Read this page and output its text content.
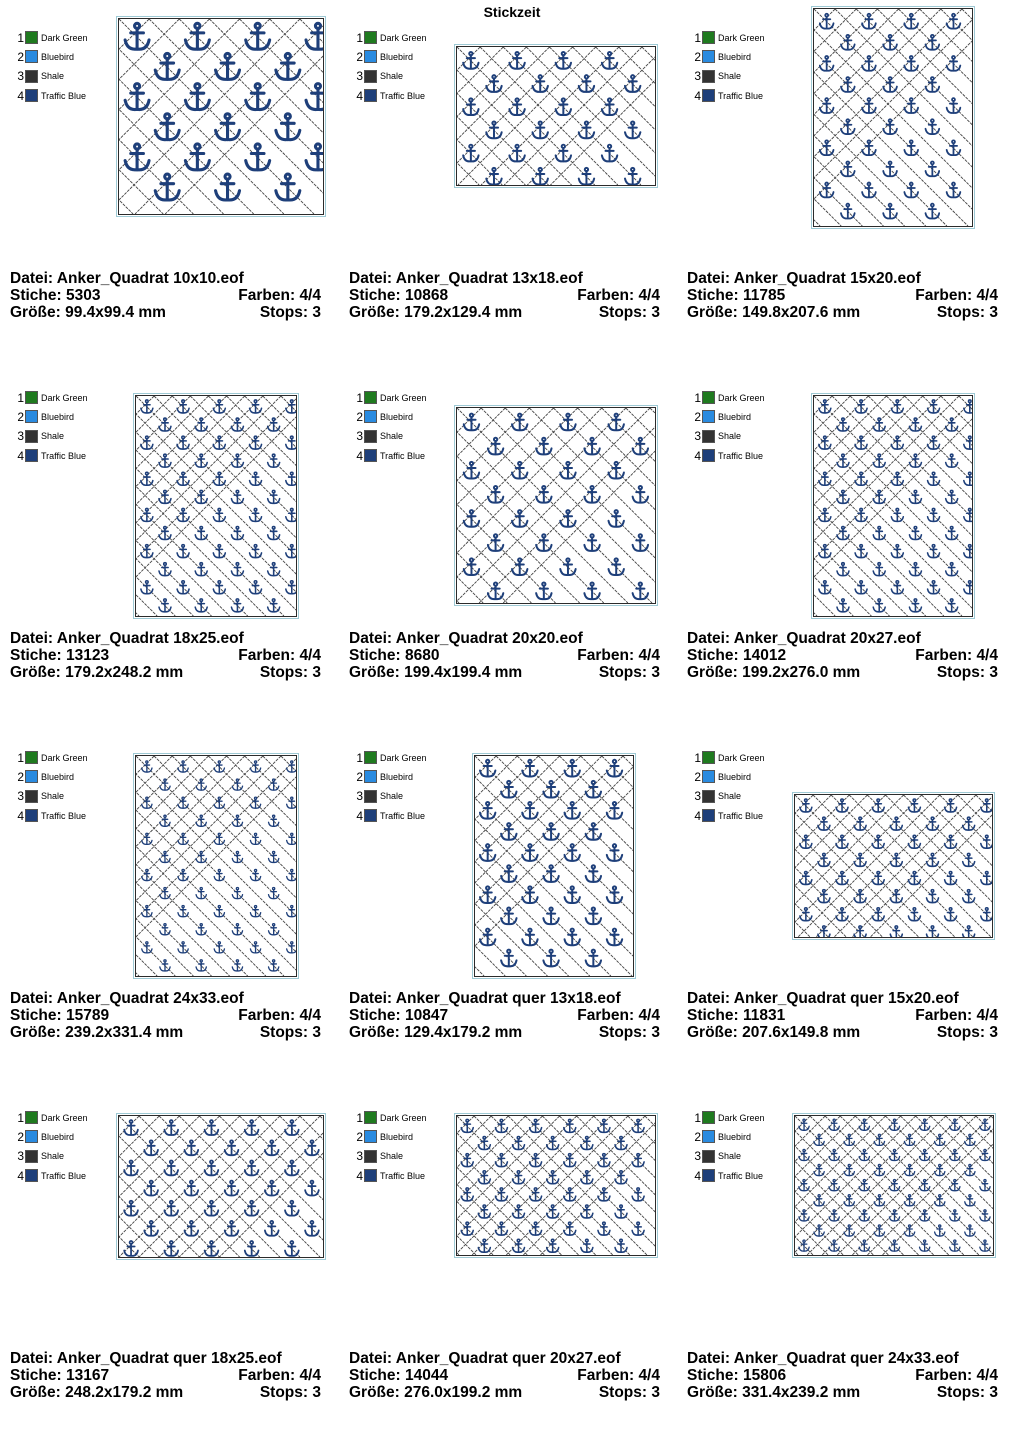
Stickzeit
1 Dark Green
2 Bluebird
3 Shale
4 Traffic Blue
Datei: Anker_Quadrat 10x10.eof
Stiche: 5303	Farben: 4/4
Größe: 99.4x99.4 mm	Stops: 3
1 Dark Green
2 Bluebird
3 Shale
4 Traffic Blue
Datei: Anker_Quadrat 13x18.eof
Stiche: 10868	Farben: 4/4
Größe: 179.2x129.4 mm	Stops: 3
1 Dark Green
2 Bluebird
3 Shale
4 Traffic Blue
Datei: Anker_Quadrat 15x20.eof
Stiche: 11785	Farben: 4/4
Größe: 149.8x207.6 mm	Stops: 3
1 Dark Green
2 Bluebird
3 Shale
4 Traffic Blue
Datei: Anker_Quadrat 18x25.eof
Stiche: 13123	Farben: 4/4
Größe: 179.2x248.2 mm	Stops: 3
1 Dark Green
2 Bluebird
3 Shale
4 Traffic Blue
Datei: Anker_Quadrat 20x20.eof
Stiche: 8680	Farben: 4/4
Größe: 199.4x199.4 mm	Stops: 3
1 Dark Green
2 Bluebird
3 Shale
4 Traffic Blue
Datei: Anker_Quadrat 20x27.eof
Stiche: 14012	Farben: 4/4
Größe: 199.2x276.0 mm	Stops: 3
1 Dark Green
2 Bluebird
3 Shale
4 Traffic Blue
Datei: Anker_Quadrat 24x33.eof
Stiche: 15789	Farben: 4/4
Größe: 239.2x331.4 mm	Stops: 3
1 Dark Green
2 Bluebird
3 Shale
4 Traffic Blue
Datei: Anker_Quadrat quer 13x18.eof
Stiche: 10847	Farben: 4/4
Größe: 129.4x179.2 mm	Stops: 3
1 Dark Green
2 Bluebird
3 Shale
4 Traffic Blue
Datei: Anker_Quadrat quer 15x20.eof
Stiche: 11831	Farben: 4/4
Größe: 207.6x149.8 mm	Stops: 3
1 Dark Green
2 Bluebird
3 Shale
4 Traffic Blue
Datei: Anker_Quadrat quer 18x25.eof
Stiche: 13167	Farben: 4/4
Größe: 248.2x179.2 mm	Stops: 3
1 Dark Green
2 Bluebird
3 Shale
4 Traffic Blue
Datei: Anker_Quadrat quer 20x27.eof
Stiche: 14044	Farben: 4/4
Größe: 276.0x199.2 mm	Stops: 3
1 Dark Green
2 Bluebird
3 Shale
4 Traffic Blue
Datei: Anker_Quadrat quer 24x33.eof
Stiche: 15806	Farben: 4/4
Größe: 331.4x239.2 mm	Stops: 3
